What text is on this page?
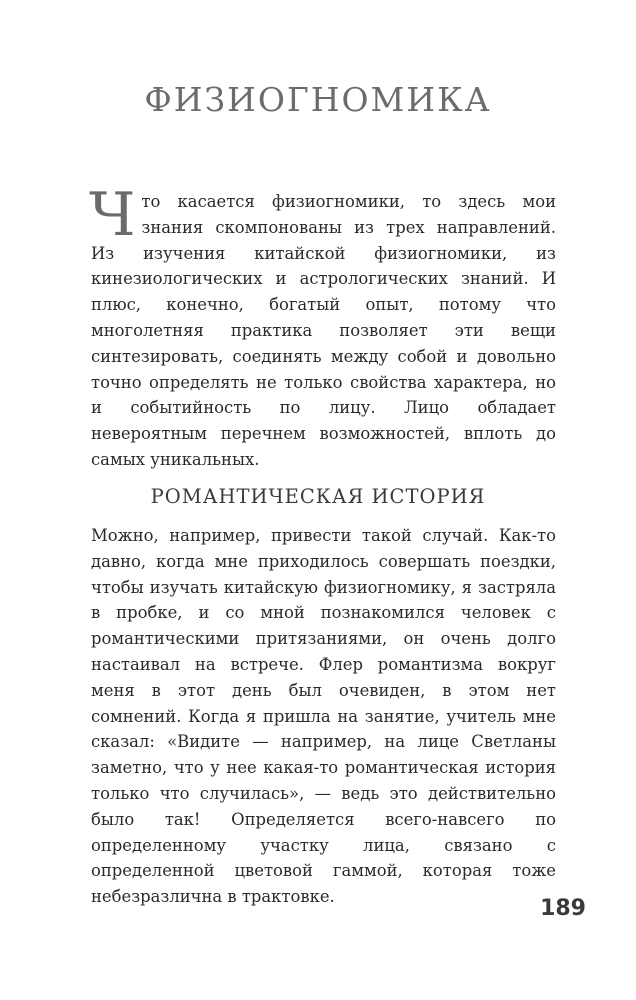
ФИЗИОГНОМИКА

Что касается физиогномики, то здесь мои знания скомпонованы из трех направлений. Из изучения китайской физиогномики, из кинезиологических и астрологических знаний. И плюс, конечно, богатый опыт, потому что многолетняя практика позволяет эти вещи синтезировать, соединять между собой и довольно точно определять не только свойства характера, но и событийность по лицу. Лицо обладает невероятным перечнем возможностей, вплоть до самых уникальных.

РОМАНТИЧЕСКАЯ ИСТОРИЯ

Можно, например, привести такой случай. Как-то давно, когда мне приходилось совершать поездки, чтобы изучать китайскую физиогномику, я застряла в пробке, и со мной познакомился человек с романтическими притязаниями, он очень долго настаивал на встрече. Флер романтизма вокруг меня в этот день был очевиден, в этом нет сомнений. Когда я пришла на занятие, учитель мне сказал: «Видите — например, на лице Светланы заметно, что у нее какая-то романтическая история только что случилась», — ведь это действительно было так! Определяется всего-навсего по определенному участку лица, связано с определенной цветовой гаммой, которая тоже небезразлична в трактовке.	189
